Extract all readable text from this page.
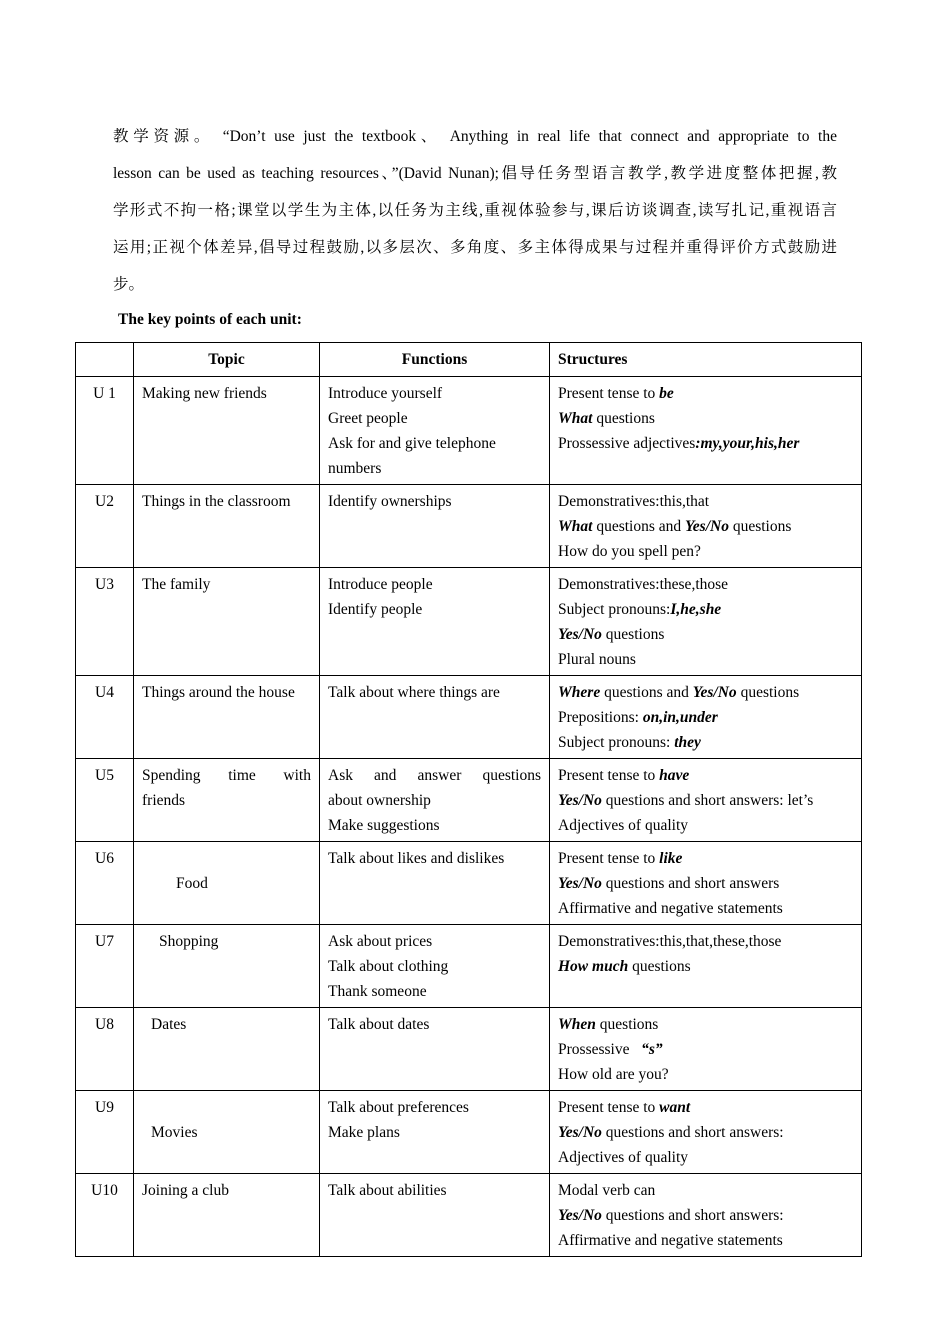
教学资源。 “Don’t use just the textbook、 Anything in real life that connect and appropriate to the
lesson can be used as teaching resources、”(David Nunan);倡导任务型语言教学,教学进度整体把握,教
学形式不拘一格;课堂以学生为主体,以任务为主线,重视体验参与,课后访谈调查,读写扎记,重视语言
运用;正视个体差异,倡导过程鼓励,以多层次、多角度、多主体得成果与过程并重得评价方式鼓励进
步。
The key points of each unit:
	Topic	Functions	Structures
U 1	Making new friends	Introduce yourself
Greet people
Ask for and give telephone
numbers	Present tense to be
What questions
Prossessive adjectives:my,your,his,her

U2	Things in the classroom	Identify ownerships	Demonstratives:this,that
What questions and Yes/No questions
How do you spell pen?

U3	The family	Introduce people
Identify people	Demonstratives:these,those
Subject pronouns:I,he,she
Yes/No questions
Plural nouns

U4	Things around the house	Talk about where things are	Where questions and Yes/No questions
Prepositions: on,in,under
Subject pronouns: they

U5	Spending time with
friends	Ask and answer questions
about ownership
Make suggestions	Present tense to have
Yes/No questions and short answers: let’s
Adjectives of quality

U6	Food	Talk about likes and dislikes	Present tense to like
Yes/No questions and short answers
Affirmative and negative statements

U7	Shopping	Ask about prices
Talk about clothing
Thank someone	Demonstratives:this,that,these,those
How much questions

U8	Dates	Talk about dates	When questions
Prossessive   “s”
How old are you?

U9	Movies	Talk about preferences
Make plans	Present tense to want
Yes/No questions and short answers:
Adjectives of quality

U10	Joining a club	Talk about abilities	Modal verb can
Yes/No questions and short answers:
Affirmative and negative statements
